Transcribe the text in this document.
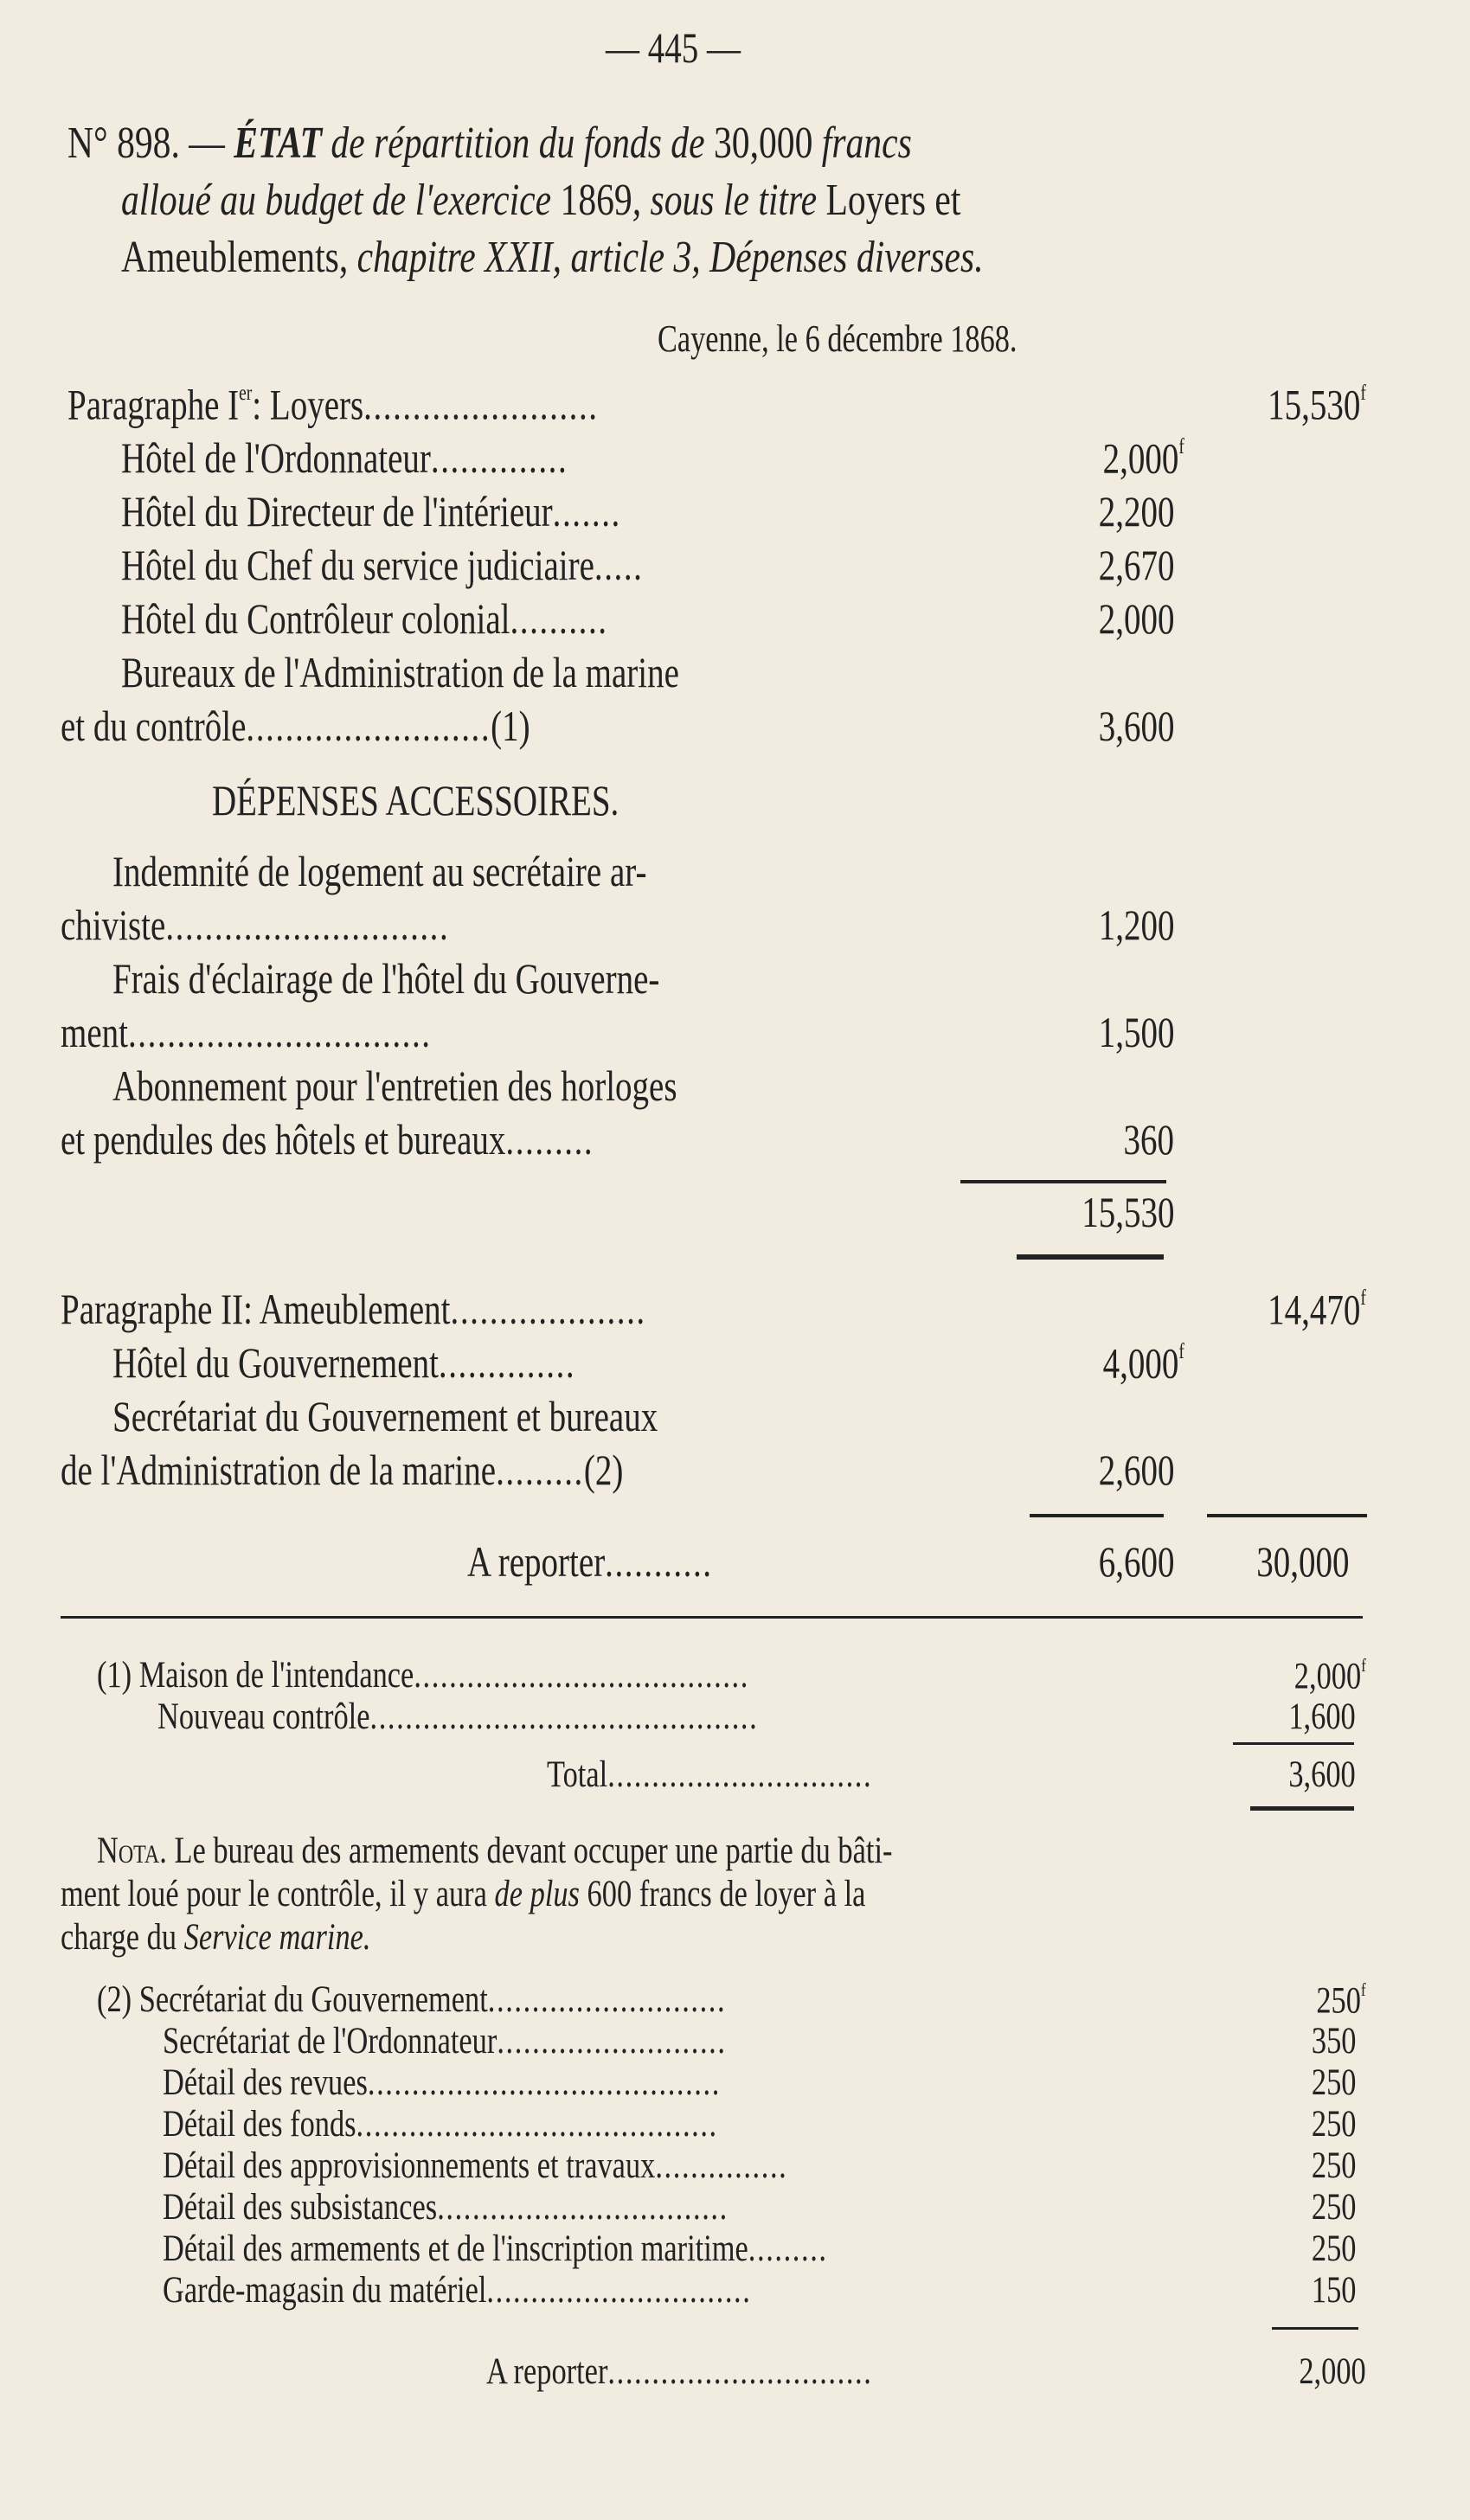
— 445 —
N° 898. — ÉTAT de répartition du fonds de 30,000 francs
alloué au budget de l'exercice 1869, sous le titre Loyers et
Ameublements, chapitre XXII, article 3, Dépenses diverses.
Cayenne, le 6 décembre 1868.
Paragraphe Ier: Loyers........................	15,530$^f$
Hôtel de l'Ordonnateur..............	2,000$^f$
Hôtel du Directeur de l'intérieur.......	2,200
Hôtel du Chef du service judiciaire.....	2,670
Hôtel du Contrôleur colonial..........	2,000
Bureaux de l'Administration de la marine
et du contrôle.........................(1)	3,600
DÉPENSES ACCESSOIRES.
Indemnité de logement au secrétaire ar-
chiviste.............................	1,200
Frais d'éclairage de l'hôtel du Gouverne-
ment...............................	1,500
Abonnement pour l'entretien des horloges
et pendules des hôtels et bureaux.........	360
15,530
Paragraphe II: Ameublement....................	14,470$^f$
Hôtel du Gouvernement..............	4,000$^f$
Secrétariat du Gouvernement et bureaux
de l'Administration de la marine.........(2)	2,600
A reporter...........	6,600 30,000
(1) Maison de l'intendance......................................	2,000$^f$
Nouveau contrôle............................................	1,600
Total..............................	3,600
Nota. Le bureau des armements devant occuper une partie du bâti-
ment loué pour le contrôle, il y aura de plus 600 francs de loyer à la
charge du Service marine.
(2) Secrétariat du Gouvernement...........................	250$^f$
Secrétariat de l'Ordonnateur..........................	350
Détail des revues........................................	250
Détail des fonds.........................................	250
Détail des approvisionnements et travaux...............	250
Détail des subsistances.................................	250
Détail des armements et de l'inscription maritime.........	250
Garde-magasin du matériel..............................	150
A reporter..............................	2,000
